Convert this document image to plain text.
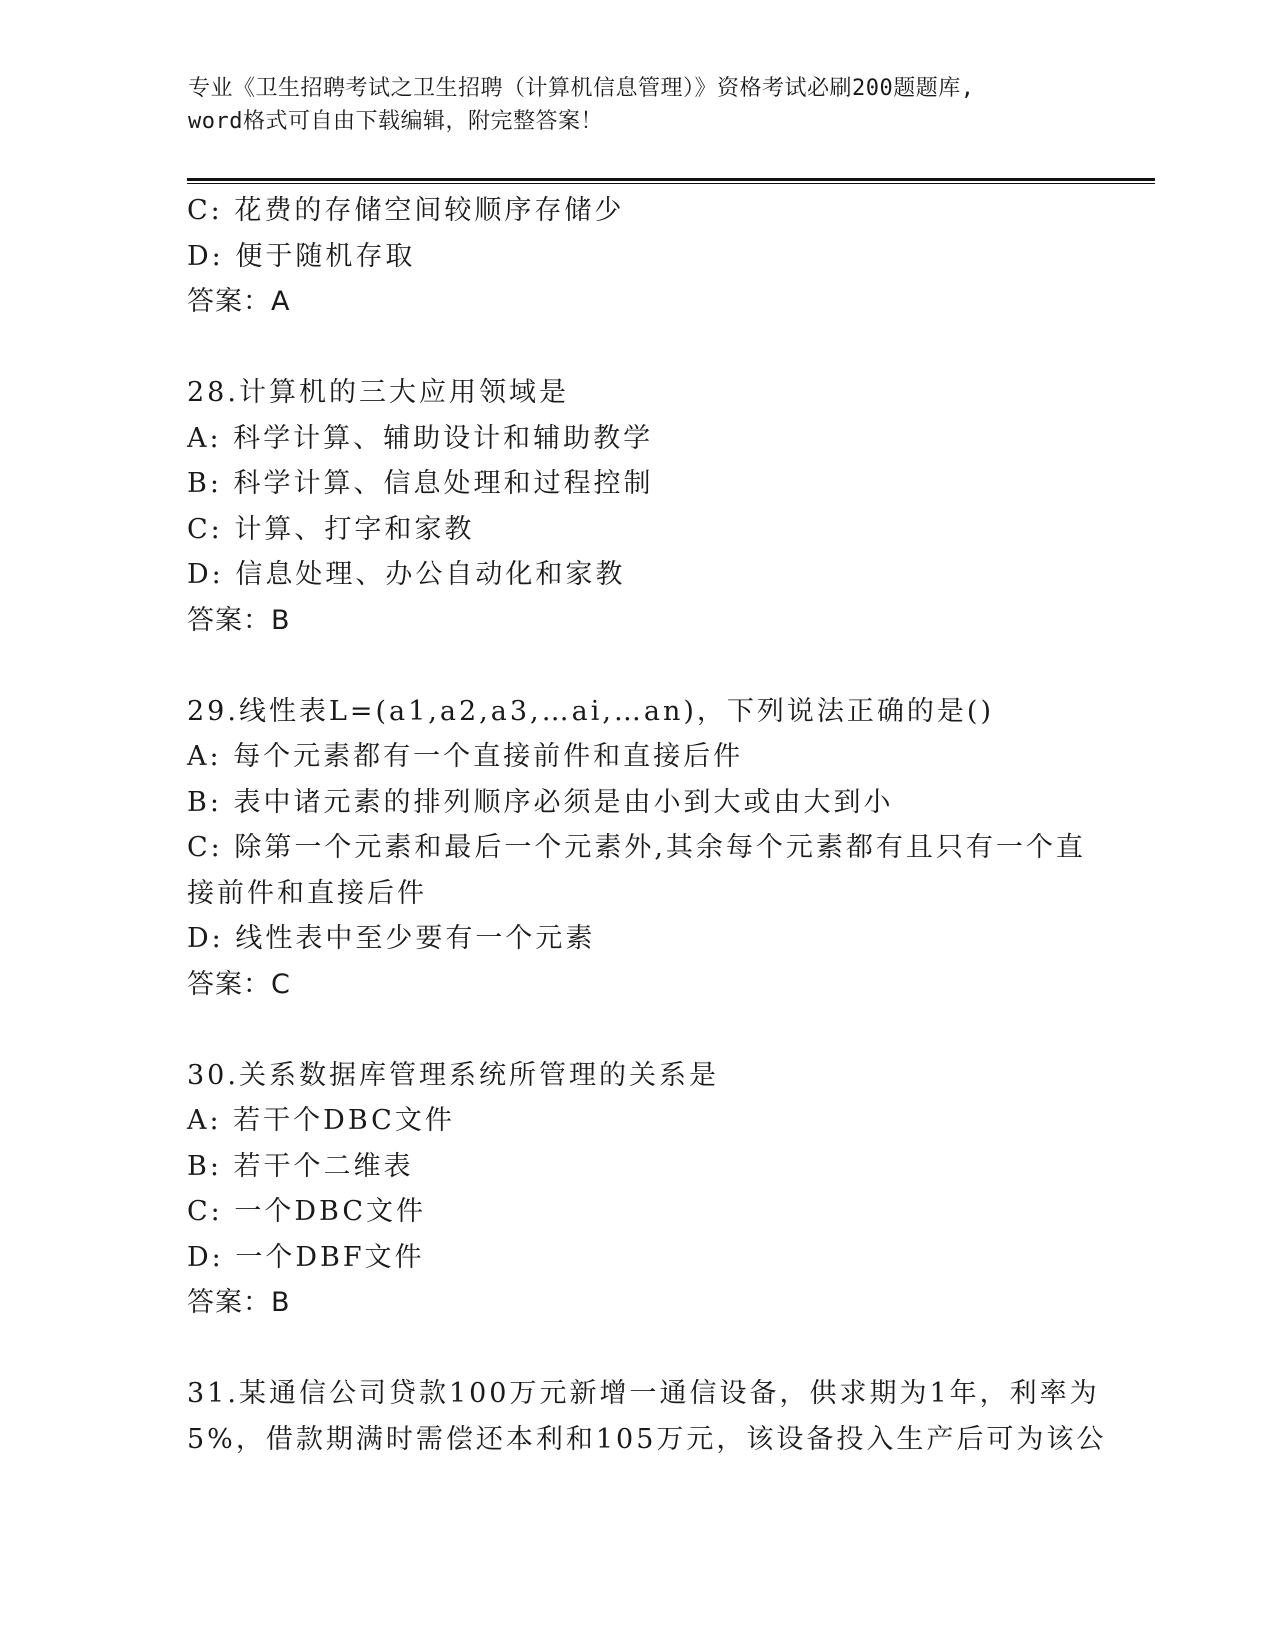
专业《卫生招聘考试之卫生招聘（计算机信息管理）》资格考试必刷200题题库,
word格式可自由下载编辑，附完整答案！
C: 花费的存储空间较顺序存储少
D: 便于随机存取
答案：A
28.计算机的三大应用领域是
A: 科学计算、辅助设计和辅助教学
B: 科学计算、信息处理和过程控制
C: 计算、打字和家教
D: 信息处理、办公自动化和家教
答案：B
29.线性表L=(a1,a2,a3,…ai,…an)，下列说法正确的是()
A: 每个元素都有一个直接前件和直接后件
B: 表中诸元素的排列顺序必须是由小到大或由大到小
C: 除第一个元素和最后一个元素外,其余每个元素都有且只有一个直
接前件和直接后件
D: 线性表中至少要有一个元素
答案：C
30.关系数据库管理系统所管理的关系是
A: 若干个DBC文件
B: 若干个二维表
C: 一个DBC文件
D: 一个DBF文件
答案：B
31.某通信公司贷款100万元新增一通信设备，供求期为1年，利率为
5%，借款期满时需偿还本利和105万元，该设备投入生产后可为该公
